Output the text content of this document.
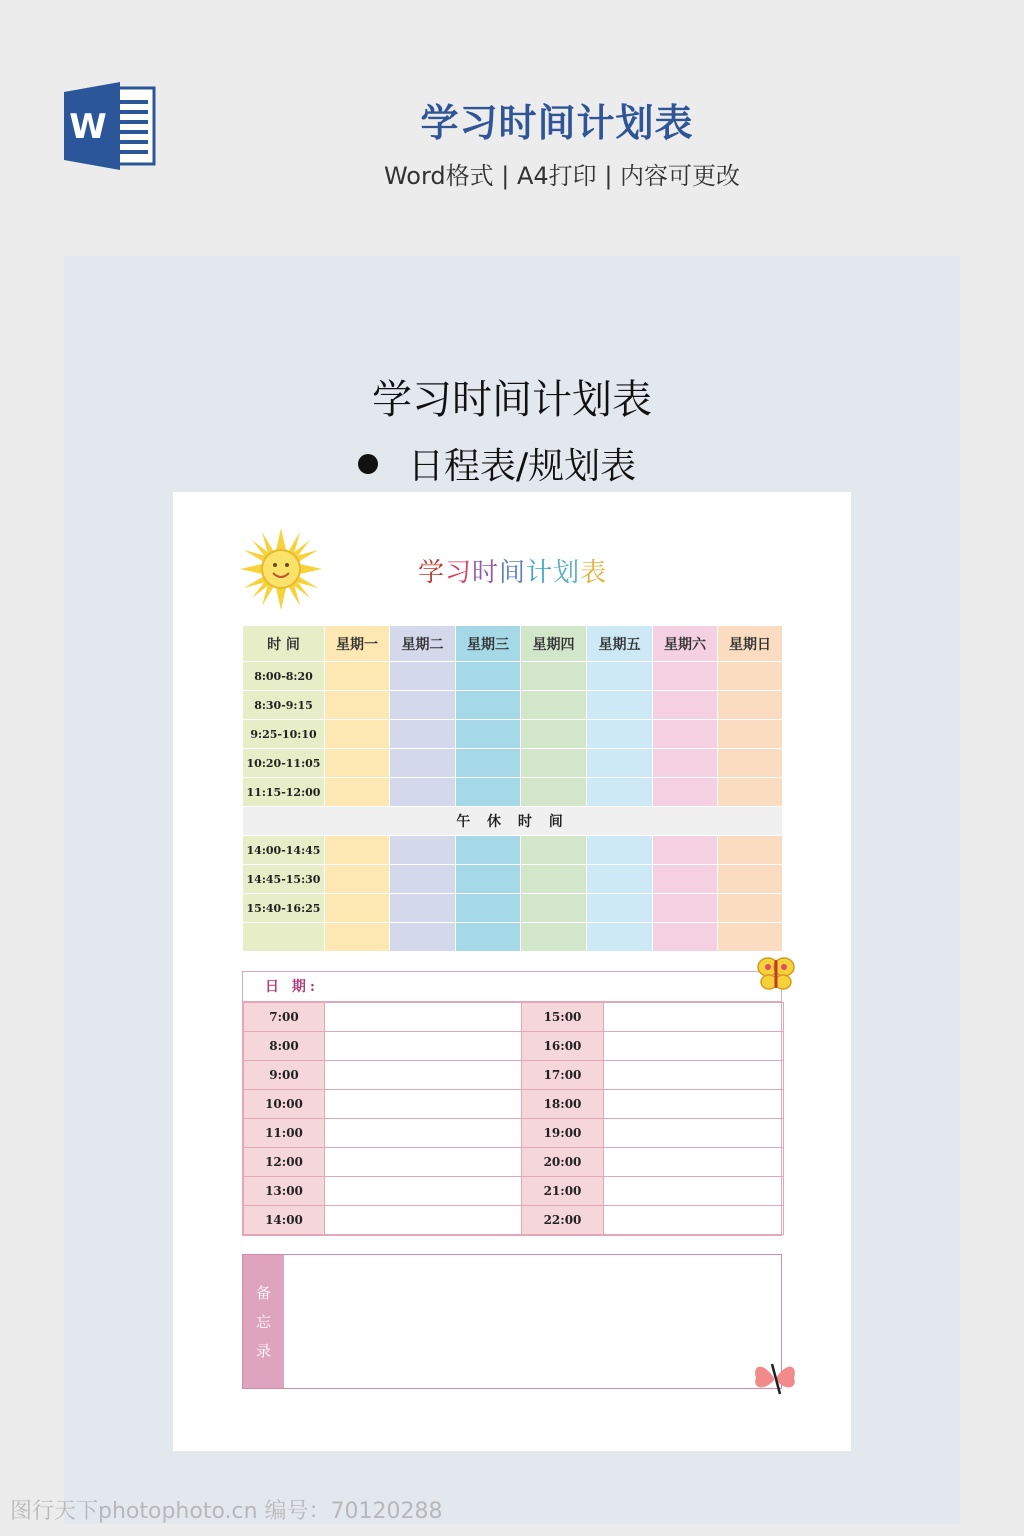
W	学习时间计划表
Word格式 | A4打印 | 内容可更改
学习时间计划表
日程表/规划表
学习时间计划表
时 间	星期一	星期二	星期三	星期四	星期五	星期六	星期日
8:00-8:20							
8:30-9:15							
9:25-10:10							
10:20-11:05							
11:15-12:00							
午 休 时 间							
14:00-14:45							
14:45-15:30							
15:40-16:25							

日 期:
7:00		15:00	
8:00		16:00	
9:00		17:00	
10:00		18:00	
11:00		19:00	
12:00		20:00	
13:00		21:00	
14:00		22:00	
备
忘
录
图行天下photophoto.cn 编号：70120288
